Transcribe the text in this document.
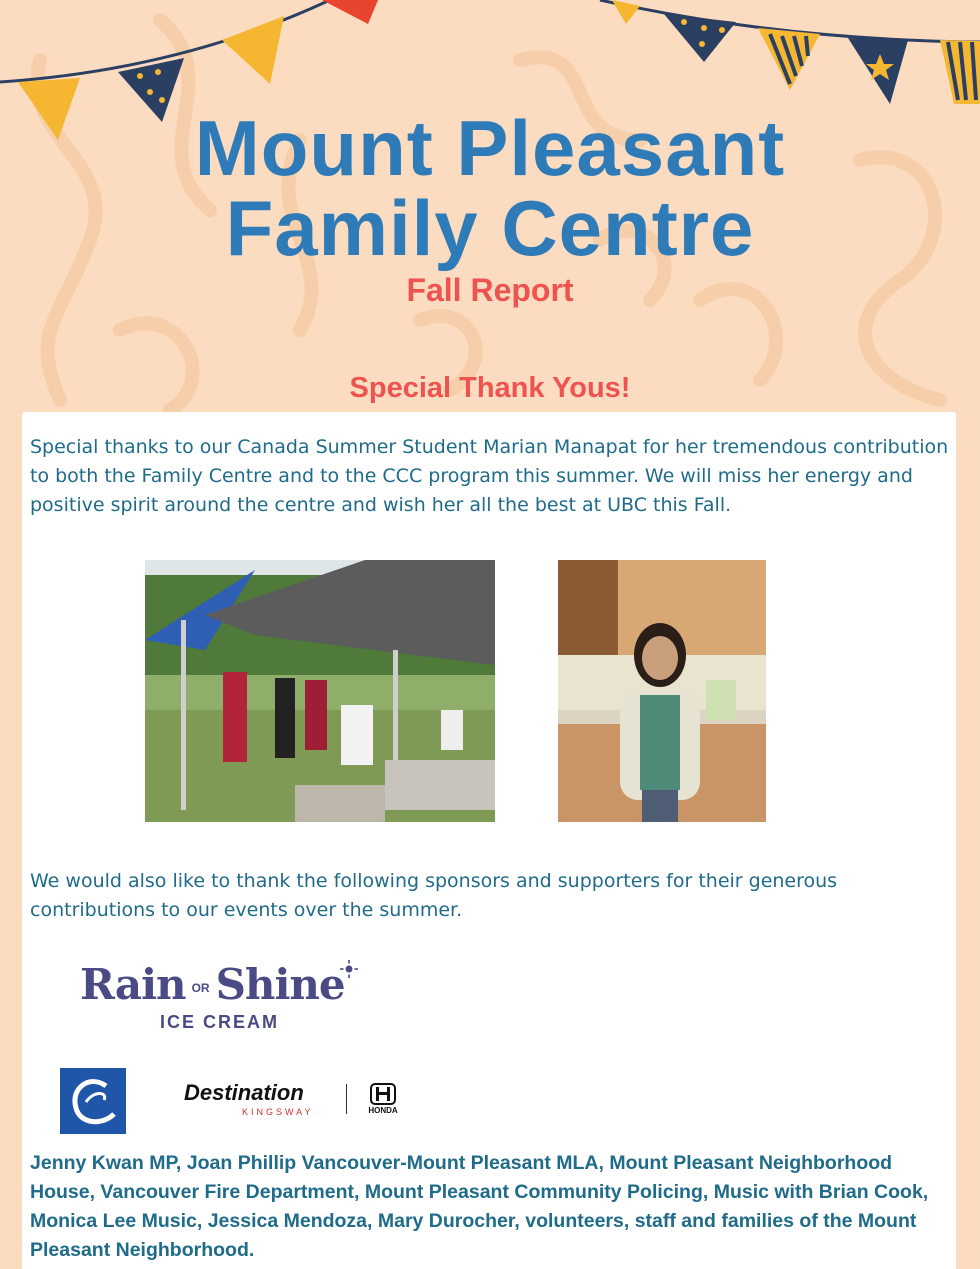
Mount Pleasant
Family Centre
Fall Report
Special Thank Yous!

Special thanks to our Canada Summer Student Marian Manapat for her tremendous contribution to both the Family Centre and to the CCC program this summer. We will miss her energy and positive spirit around the centre and wish her all the best at UBC this Fall.

We would also like to thank the following sponsors and supporters for their generous contributions to our events over the summer.

Rain OR Shine
ICE CREAM
Destination
KINGSWAY	HONDA

Jenny Kwan MP, Joan Phillip Vancouver-Mount Pleasant MLA, Mount Pleasant Neighborhood House, Vancouver Fire Department, Mount Pleasant Community Policing, Music with Brian Cook, Monica Lee Music, Jessica Mendoza, Mary Durocher, volunteers, staff and families of the Mount Pleasant Neighborhood.
